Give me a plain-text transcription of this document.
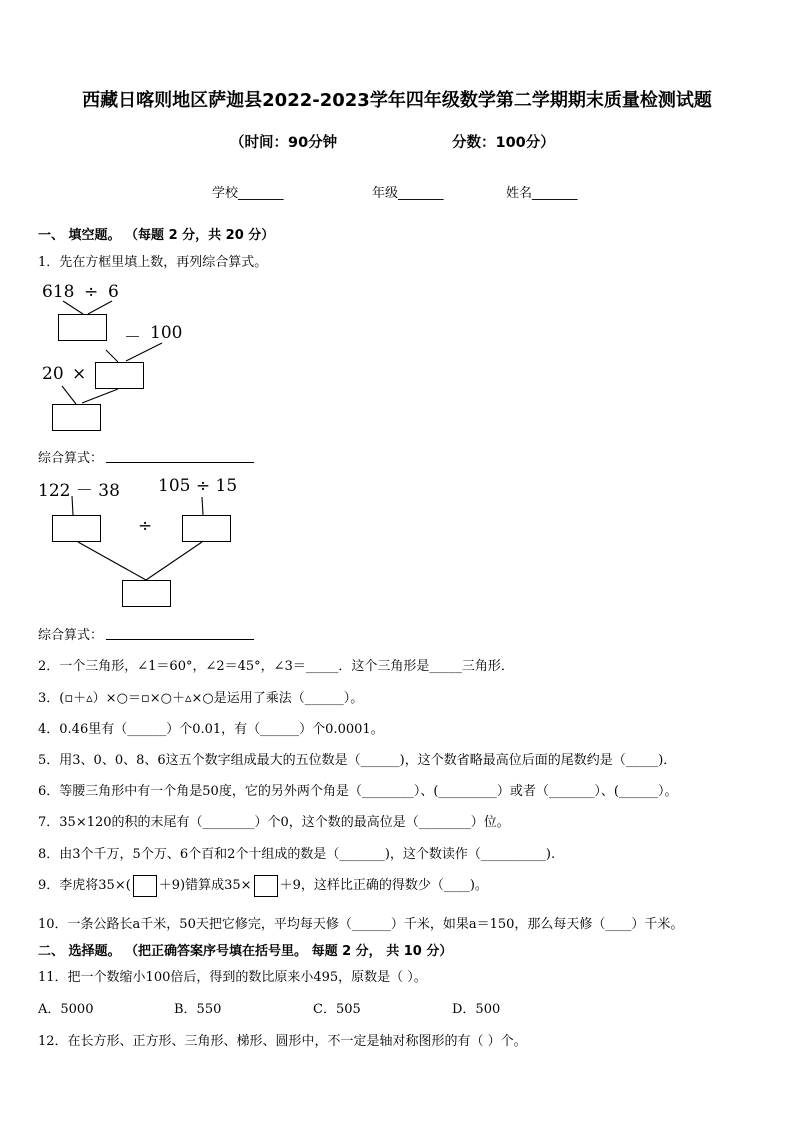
西藏日喀则地区萨迦县2022-2023学年四年级数学第二学期期末质量检测试题
（时间：90分钟	分数：100分）
学校_______	年级_______	姓名_______
一、 填空题。 （每题 2 分，共 20 分）
1．先在方框里填上数，再列综合算式。
618 ÷ 6
－ 100
20 ×
综合算式：
122 － 38 105 ÷ 15
÷
综合算式：
2．一个三角形，∠1＝60°，∠2＝45°，∠3＝_____．这个三角形是_____三角形．
3．(▫＋▵）×○＝▫×○＋▵×○是运用了乘法（______）。
4．0.46里有（______）个0.01，有（______）个0.0001。
5．用3、0、0、8、6这五个数字组成最大的五位数是（______)，这个数省略最高位后面的尾数约是（_____)．
6．等腰三角形中有一个角是50度，它的另外两个角是（________）、(_________）或者（_______）、(______）。
7．35×120的积的末尾有（________）个0，这个数的最高位是（________）位。
8．由3个千万，5个万、6个百和2个十组成的数是（_______)，这个数读作（__________).
9．李虎将35×( ＋9)错算成35× ＋9，这样比正确的得数少（____)。
10．一条公路长a千米，50天把它修完，平均每天修（______）千米，如果a＝150，那么每天修（____）千米。
二、 选择题。 （把正确答案序号填在括号里。 每题 2 分， 共 10 分）
11．把一个数缩小100倍后，得到的数比原来小495，原数是（ ）。
A．5000	B．550	C．505	D．500
12．在长方形、正方形、三角形、梯形、圆形中，不一定是轴对称图形的有（ ）个。
